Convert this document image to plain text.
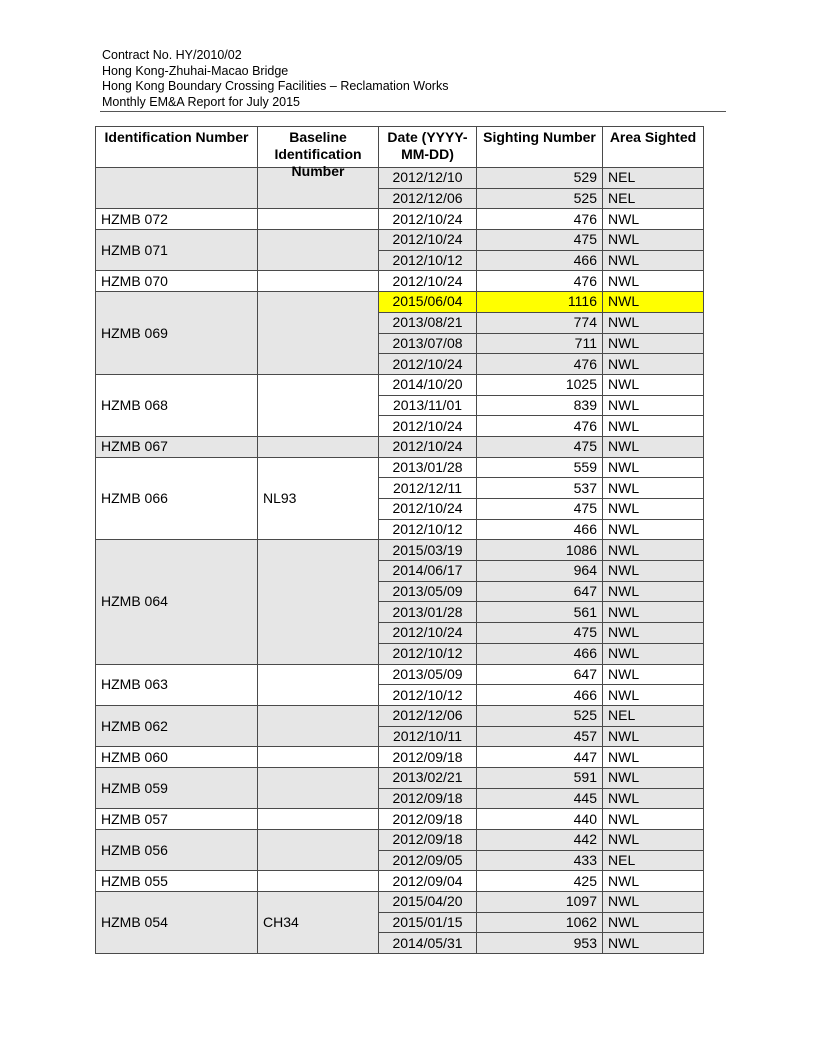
Contract No. HY/2010/02
Hong Kong-Zhuhai-Macao Bridge
Hong Kong Boundary Crossing Facilities – Reclamation Works
Monthly EM&A Report for July 2015
Identification Number	Baseline Identification Number	Date (YYYY-MM-DD)	Sighting Number	Area Sighted

		2012/12/10	529	NEL
		2012/12/06	525	NEL
HZMB 072		2012/10/24	476	NWL
HZMB 071		2012/10/24	475	NWL
		2012/10/12	466	NWL
HZMB 070		2012/10/24	476	NWL
HZMB 069		2015/06/04	1116	NWL
		2013/08/21	774	NWL
		2013/07/08	711	NWL
		2012/10/24	476	NWL
HZMB 068		2014/10/20	1025	NWL
		2013/11/01	839	NWL
		2012/10/24	476	NWL
HZMB 067		2012/10/24	475	NWL
HZMB 066	NL93	2013/01/28	559	NWL
		2012/12/11	537	NWL
		2012/10/24	475	NWL
		2012/10/12	466	NWL
HZMB 064		2015/03/19	1086	NWL
		2014/06/17	964	NWL
		2013/05/09	647	NWL
		2013/01/28	561	NWL
		2012/10/24	475	NWL
		2012/10/12	466	NWL
HZMB 063		2013/05/09	647	NWL
		2012/10/12	466	NWL
HZMB 062		2012/12/06	525	NEL
		2012/10/11	457	NWL
HZMB 060		2012/09/18	447	NWL
HZMB 059		2013/02/21	591	NWL
		2012/09/18	445	NWL
HZMB 057		2012/09/18	440	NWL
HZMB 056		2012/09/18	442	NWL
		2012/09/05	433	NEL
HZMB 055		2012/09/04	425	NWL
HZMB 054	CH34	2015/04/20	1097	NWL
		2015/01/15	1062	NWL
		2014/05/31	953	NWL
